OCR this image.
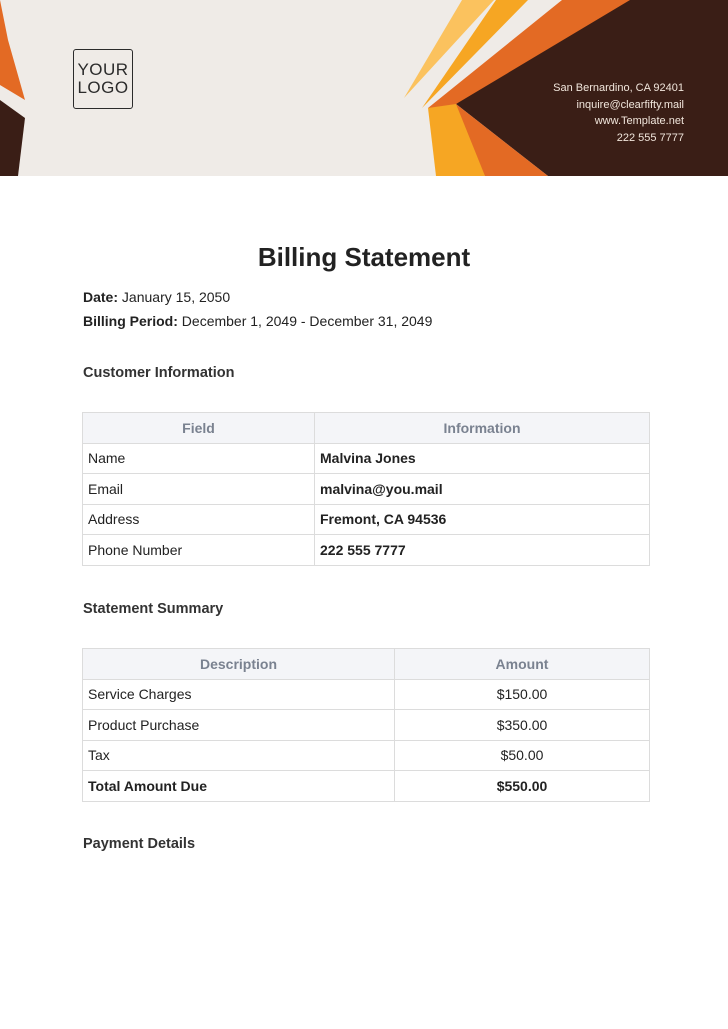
YOUR
LOGO	San Bernardino, CA 92401
inquire@clearfifty.mail
www.Template.net
222 555 7777
Billing Statement
Date: January 15, 2050
Billing Period: December 1, 2049 - December 31, 2049
Customer Information
Field	Information
Name	Malvina Jones
Email	malvina@you.mail
Address	Fremont, CA 94536
Phone Number	222 555 7777
Statement Summary
Description	Amount
Service Charges	$150.00
Product Purchase	$350.00
Tax	$50.00
Total Amount Due	$550.00
Payment Details
